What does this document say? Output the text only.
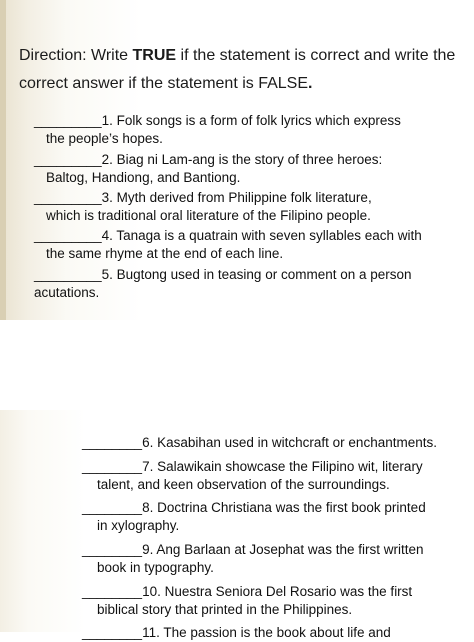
Direction: Write TRUE if the statement is correct and write the correct answer if the statement is FALSE.
_________1. Folk songs is a form of folk lyrics which express
the people’s hopes.
_________2. Biag ni Lam-ang is the story of three heroes:
Baltog, Handiong, and Bantiong.
_________3. Myth derived from Philippine folk literature,
which is traditional oral literature of the Filipino people.
_________4. Tanaga is a quatrain with seven syllables each with
the same rhyme at the end of each line.
_________5. Bugtong used in teasing or comment on a person
acutations.
________6. Kasabihan used in witchcraft or enchantments.
________7. Salawikain showcase the Filipino wit, literary
talent, and keen observation of the surroundings.
________8. Doctrina Christiana was the first book printed
in xylography.
________9. Ang Barlaan at Josephat was the first written
book in typography.
________10. Nuestra Seniora Del Rosario was the first
biblical story that printed in the Philippines.
________11. The passion is the book about life and
